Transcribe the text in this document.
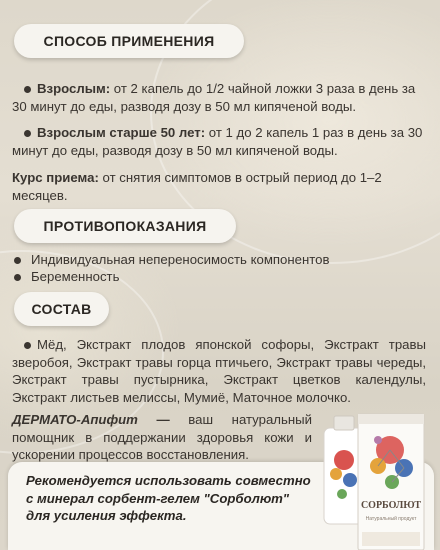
СПОСОБ ПРИМЕНЕНИЯ
Взрослым: от 2 капель до 1/2 чайной ложки 3 раза в день за 30 минут до еды, разводя дозу в 50 мл кипяченой воды.
Взрослым старше 50 лет: от 1 до 2 капель 1 раз в день за 30 минут до еды, разводя дозу в 50 мл кипяченой воды.
Курс приема: от снятия симптомов в острый период до 1–2 месяцев.
ПРОТИВОПОКАЗАНИЯ
Индивидуальная непереносимость компонентов
Беременность
СОСТАВ
Мёд, Экстракт плодов японской софоры, Экстракт травы зверобоя, Экстракт травы горца птичьего, Экстракт травы череды, Экстракт травы пустырника, Экстракт цветков календулы, Экстракт листьев мелиссы, Мумиё, Маточное молочко.
ДЕРМАТО-Апифит — ваш натуральный помощник в поддержании здоровья кожи и ускорении процессов восстановления.
Рекомендуется использовать совместно с минерал сорбент-гелем "Сорболют" для усиления эффекта.
СОРБОЛЮТ
Натуральный продукт
